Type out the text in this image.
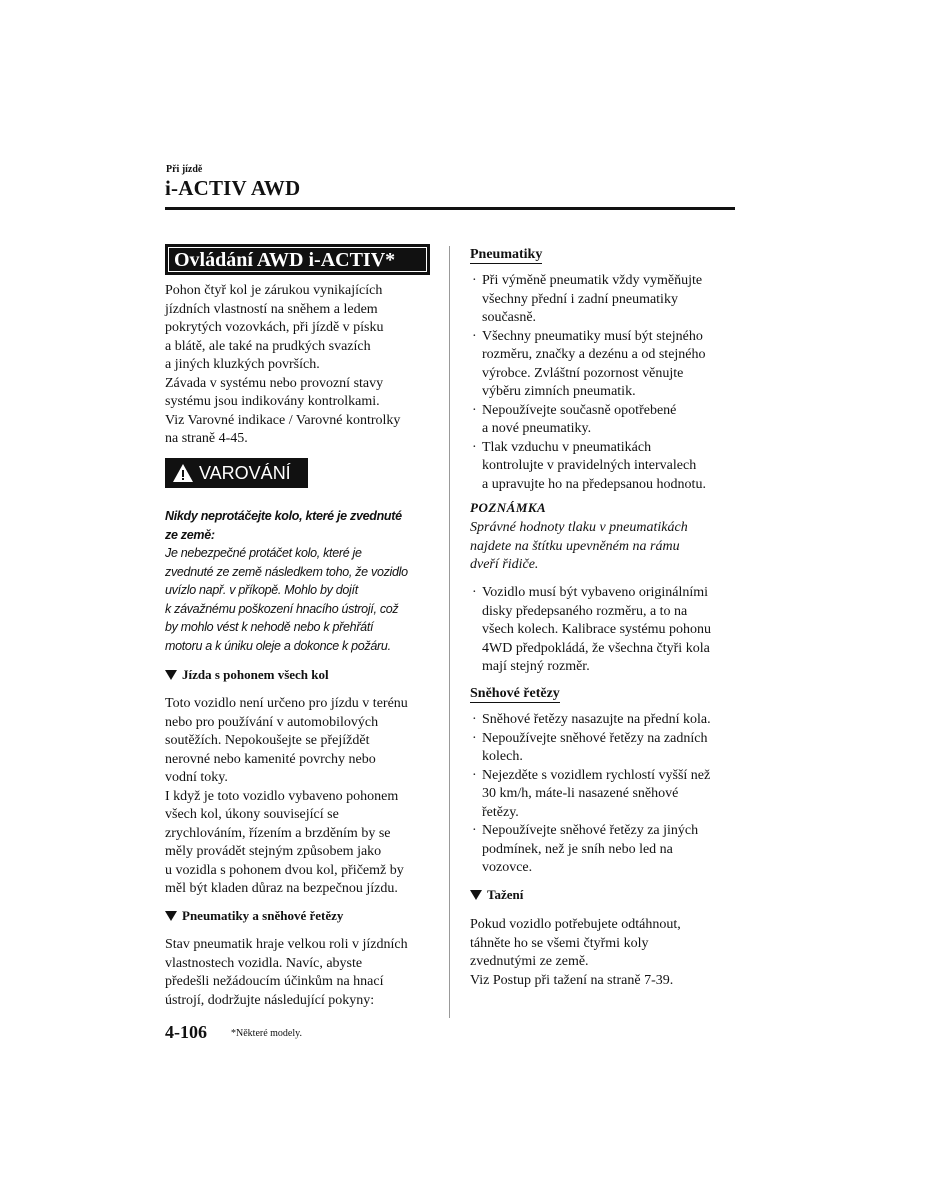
Při jízdě
i-ACTIV AWD
Ovládání AWD i-ACTIV*
Pohon čtyř kol je zárukou vynikajících
jízdních vlastností na sněhem a ledem
pokrytých vozovkách, při jízdě v písku
a blátě, ale také na prudkých svazích
a jiných kluzkých površích.
Závada v systému nebo provozní stavy
systému jsou indikovány kontrolkami.
Viz Varovné indikace / Varovné kontrolky
na straně 4-45.
VAROVÁNÍ
Nikdy neprotáčejte kolo, které je zvednuté
ze země:
Je nebezpečné protáčet kolo, které je
zvednuté ze země následkem toho, že vozidlo
uvízlo např. v příkopě. Mohlo by dojít
k závažnému poškození hnacího ústrojí, což
by mohlo vést k nehodě nebo k přehřátí
motoru a k úniku oleje a dokonce k požáru.
Jízda s pohonem všech kol
Toto vozidlo není určeno pro jízdu v terénu
nebo pro používání v automobilových
soutěžích. Nepokoušejte se přejíždět
nerovné nebo kamenité povrchy nebo
vodní toky.
I když je toto vozidlo vybaveno pohonem
všech kol, úkony související se
zrychlováním, řízením a brzděním by se
měly provádět stejným způsobem jako
u vozidla s pohonem dvou kol, přičemž by
měl být kladen důraz na bezpečnou jízdu.
Pneumatiky a sněhové řetězy
Stav pneumatik hraje velkou roli v jízdních
vlastnostech vozidla. Navíc, abyste
předešli nežádoucím účinkům na hnací
ústrojí, dodržujte následující pokyny:
Pneumatiky
· Při výměně pneumatik vždy vyměňujte
všechny přední i zadní pneumatiky
současně.
· Všechny pneumatiky musí být stejného
rozměru, značky a dezénu a od stejného
výrobce. Zvláštní pozornost věnujte
výběru zimních pneumatik.
· Nepoužívejte současně opotřebené
a nové pneumatiky.
· Tlak vzduchu v pneumatikách
kontrolujte v pravidelných intervalech
a upravujte ho na předepsanou hodnotu.
POZNÁMKA
Správné hodnoty tlaku v pneumatikách
najdete na štítku upevněném na rámu
dveří řidiče.
· Vozidlo musí být vybaveno originálními
disky předepsaného rozměru, a to na
všech kolech. Kalibrace systému pohonu
4WD předpokládá, že všechna čtyři kola
mají stejný rozměr.
Sněhové řetězy
· Sněhové řetězy nasazujte na přední kola.
· Nepoužívejte sněhové řetězy na zadních
kolech.
· Nejezděte s vozidlem rychlostí vyšší než
30 km/h, máte-li nasazené sněhové
řetězy.
· Nepoužívejte sněhové řetězy za jiných
podmínek, než je sníh nebo led na
vozovce.
Tažení
Pokud vozidlo potřebujete odtáhnout,
táhněte ho se všemi čtyřmi koly
zvednutými ze země.
Viz Postup při tažení na straně 7-39.
4-106 *Některé modely.
